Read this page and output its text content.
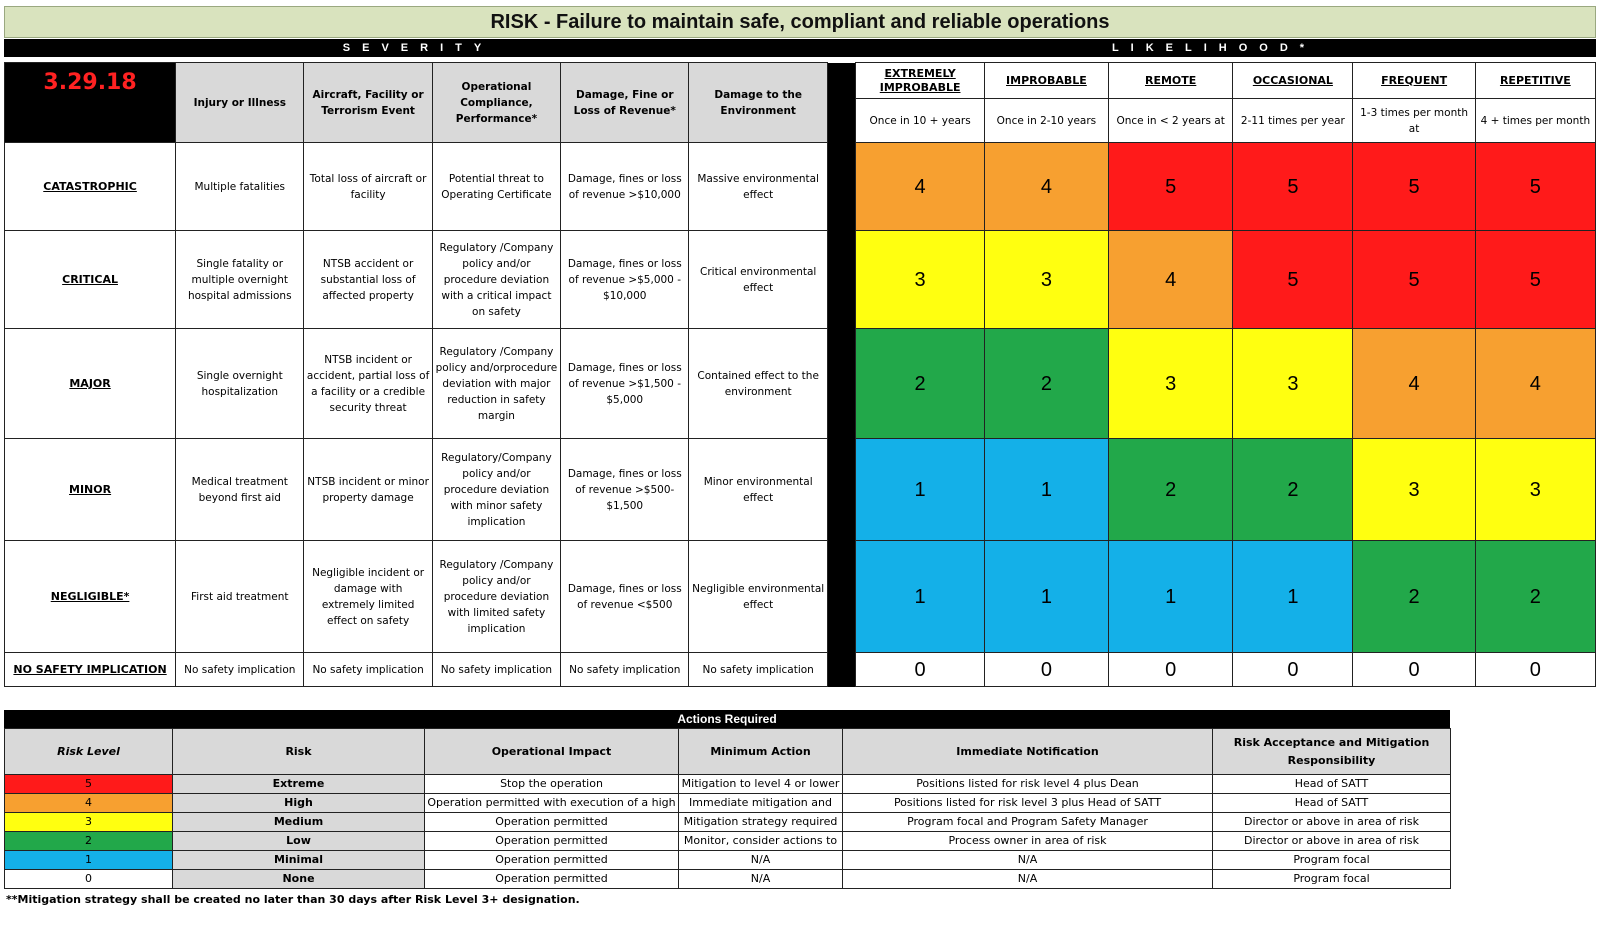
RISK - Failure to maintain safe, compliant and reliable operations
SEVERITY	LIKELIHOOD*
3.29.18	Injury or Illness	Aircraft, Facility or Terrorism Event	Operational Compliance, Performance*	Damage, Fine or Loss of Revenue*	Damage to the Environment		EXTREMELY IMPROBABLE	IMPROBABLE	REMOTE	OCCASIONAL	FREQUENT	REPETITIVE
							Once in 10 + years	Once in 2-10 years	Once in < 2 years at	2-11 times per year	1-3 times per month at	4 + times per month
CATASTROPHIC	Multiple fatalities	Total loss of aircraft or facility	Potential threat to Operating Certificate	Damage, fines or loss of revenue >$10,000	Massive environmental effect		4	4	5	5	5	5
CRITICAL	Single fatality or multiple overnight hospital admissions	NTSB accident or substantial loss of affected property	Regulatory /Company policy and/or procedure deviation with a critical impact on safety	Damage, fines or loss of revenue >$5,000 - $10,000	Critical environmental effect		3	3	4	5	5	5
MAJOR	Single overnight hospitalization	NTSB incident or accident, partial loss of a facility or a credible security threat	Regulatory /Company policy and/orprocedure deviation with major reduction in safety margin	Damage, fines or loss of revenue >$1,500 - $5,000	Contained effect to the environment		2	2	3	3	4	4
MINOR	Medical treatment beyond first aid	NTSB incident or minor property damage	Regulatory/Company policy and/or procedure deviation with minor safety implication	Damage, fines or loss of revenue >$500- $1,500	Minor environmental effect		1	1	2	2	3	3
NEGLIGIBLE*	First aid treatment	Negligible incident or damage with extremely limited effect on safety	Regulatory /Company policy and/or procedure deviation with limited safety implication	Damage, fines or loss of revenue <$500	Negligible environmental effect		1	1	1	1	2	2
NO SAFETY IMPLICATION	No safety implication	No safety implication	No safety implication	No safety implication	No safety implication		0	0	0	0	0	0
Actions Required
Risk Level	Risk	Operational Impact	Minimum Action	Immediate Notification	Risk Acceptance and Mitigation Responsibility
5	Extreme	Stop the operation	Mitigation to level 4 or lower	Positions listed for risk level 4 plus Dean	Head of SATT
4	High	Operation permitted with execution of a high	Immediate mitigation and	Positions listed for risk level 3 plus Head of SATT	Head of SATT
3	Medium	Operation permitted	Mitigation strategy required	Program focal and Program Safety Manager	Director or above in area of risk
2	Low	Operation permitted	Monitor, consider actions to	Process owner in area of risk	Director or above in area of risk
1	Minimal	Operation permitted	N/A	N/A	Program focal
0	None	Operation permitted	N/A	N/A	Program focal
**Mitigation strategy shall be created no later than 30 days after Risk Level 3+ designation.
